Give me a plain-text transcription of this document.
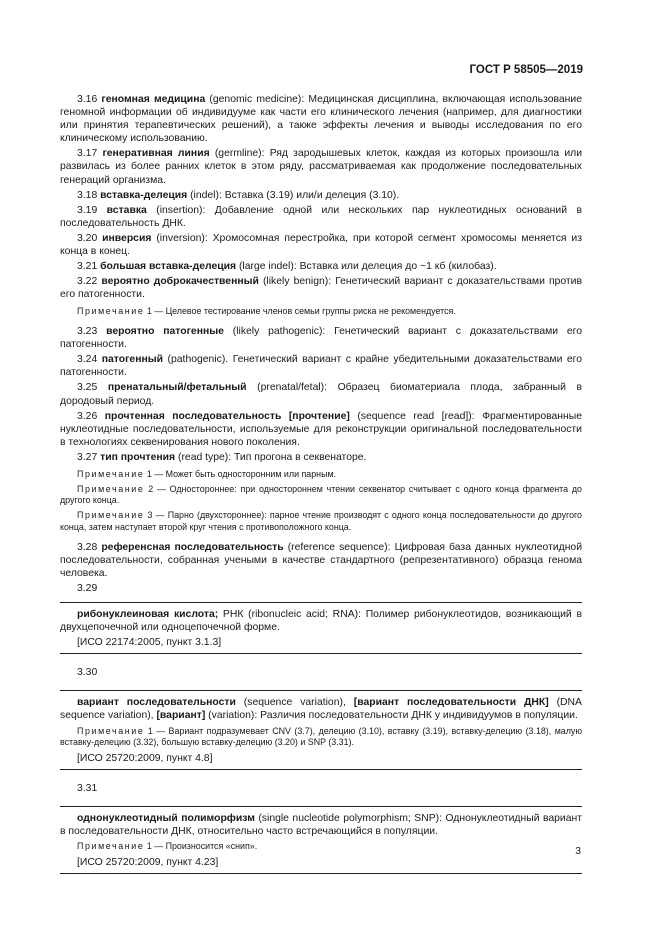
ГОСТ Р 58505—2019

3.16 геномная медицина (genomic medicine): Медицинская дисциплина, включающая использование геномной информации об индивидууме как части его клинического лечения (например, для диагностики или принятия терапевтических решений), а также эффекты лечения и выводы исследования по его клиническому использованию.

3.17 генеративная линия (germline): Ряд зародышевых клеток, каждая из которых произошла или развилась из более ранних клеток в этом ряду, рассматриваемая как продолжение последовательных генераций организма.

3.18 вставка-делеция (indel): Вставка (3.19) или/и делеция (3.10).

3.19 вставка (insertion): Добавление одной или нескольких пар нуклеотидных оснований в последовательность ДНК.

3.20 инверсия (inversion): Хромосомная перестройка, при которой сегмент хромосомы меняется из конца в конец.

3.21 большая вставка-делеция (large indel): Вставка или делеция до ~1 кб (килобаз).

3.22 вероятно доброкачественный (likely benign): Генетический вариант с доказательствами против его патогенности.

Примечание 1 — Целевое тестирование членов семьи группы риска не рекомендуется.

3.23 вероятно патогенные (likely pathogenic): Генетический вариант с доказательствами его патогенности.

3.24 патогенный (pathogenic). Генетический вариант с крайне убедительными доказательствами его патогенности.

3.25 пренатальный/фетальный (prenatal/fetal): Образец биоматериала плода, забранный в дородовый период.

3.26 прочтенная последовательность [прочтение] (sequence read [read]): Фрагментированные нуклеотидные последовательности, используемые для реконструкции оригинальной последовательности в технологиях секвенирования нового поколения.

3.27 тип прочтения (read type): Тип прогона в секвенаторе.

Примечание 1 — Может быть односторонним или парным.

Примечание 2 — Одностороннее: при одностороннем чтении секвенатор считывает с одного конца фрагмента до другого конца.

Примечание 3 — Парно (двухстороннее): парное чтение производят с одного конца последовательности до другого конца, затем наступает второй круг чтения с противоположного конца.

3.28 референсная последовательность (reference sequence): Цифровая база данных нуклеотидной последовательности, собранная учеными в качестве стандартного (репрезентативного) образца генома человека.

3.29

рибонуклеиновая кислота; РНК (ribonucleic acid; RNA): Полимер рибонуклеотидов, возникающий в двухцепочечной или одноцепочечной форме.

[ИСО 22174:2005, пункт 3.1.3]
3.30

вариант последовательности (sequence variation), [вариант последовательности ДНК] (DNA sequence variation), [вариант] (variation): Различия последовательности ДНК у индивидуумов в популяции.

Примечание 1 — Вариант подразумевает CNV (3.7), делецию (3.10), вставку (3.19), вставку-делецию (3.18), малую вставку-делецию (3.32), большую вставку-делецию (3.20) и SNP (3.31).

[ИСО 25720:2009, пункт 4.8]
3.31

однонуклеотидный полиморфизм (single nucleotide polymorphism; SNP): Однонуклеотидный вариант в последовательности ДНК, относительно часто встречающийся в популяции.

Примечание 1 — Произносится «снип».

[ИСО 25720:2009, пункт 4.23]
3
